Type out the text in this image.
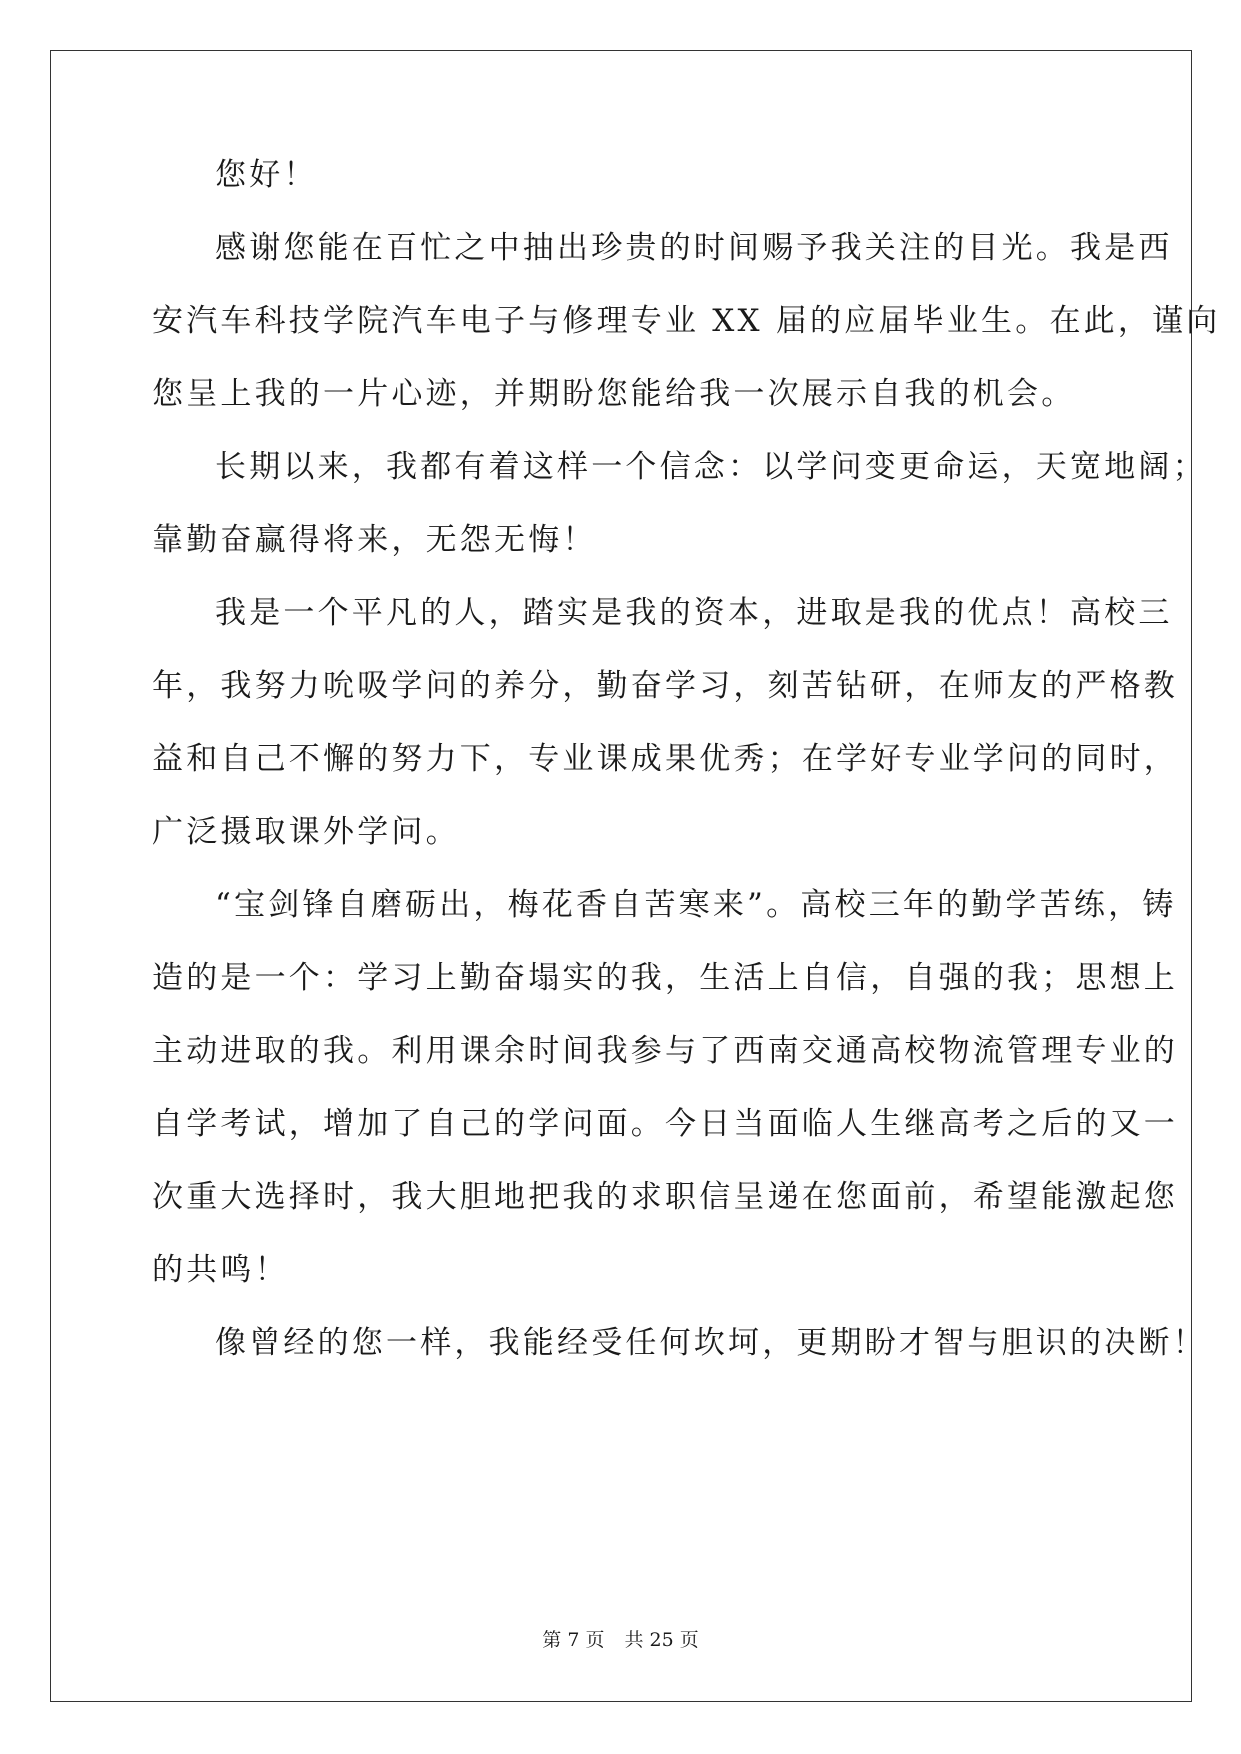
您好！
感谢您能在百忙之中抽出珍贵的时间赐予我关注的目光。我是西
安汽车科技学院汽车电子与修理专业 XX 届的应届毕业生。在此，谨向
您呈上我的一片心迹，并期盼您能给我一次展示自我的机会。
长期以来，我都有着这样一个信念：以学问变更命运，天宽地阔；
靠勤奋赢得将来，无怨无悔！
我是一个平凡的人，踏实是我的资本，进取是我的优点！高校三
年，我努力吮吸学问的养分，勤奋学习，刻苦钻研，在师友的严格教
益和自己不懈的努力下，专业课成果优秀；在学好专业学问的同时，
广泛摄取课外学问。
“宝剑锋自磨砺出，梅花香自苦寒来”。高校三年的勤学苦练，铸
造的是一个：学习上勤奋塌实的我，生活上自信，自强的我；思想上
主动进取的我。利用课余时间我参与了西南交通高校物流管理专业的
自学考试，增加了自己的学问面。今日当面临人生继高考之后的又一
次重大选择时，我大胆地把我的求职信呈递在您面前，希望能激起您
的共鸣！
像曾经的您一样，我能经受任何坎坷，更期盼才智与胆识的决断！
第 7 页 共 25 页
